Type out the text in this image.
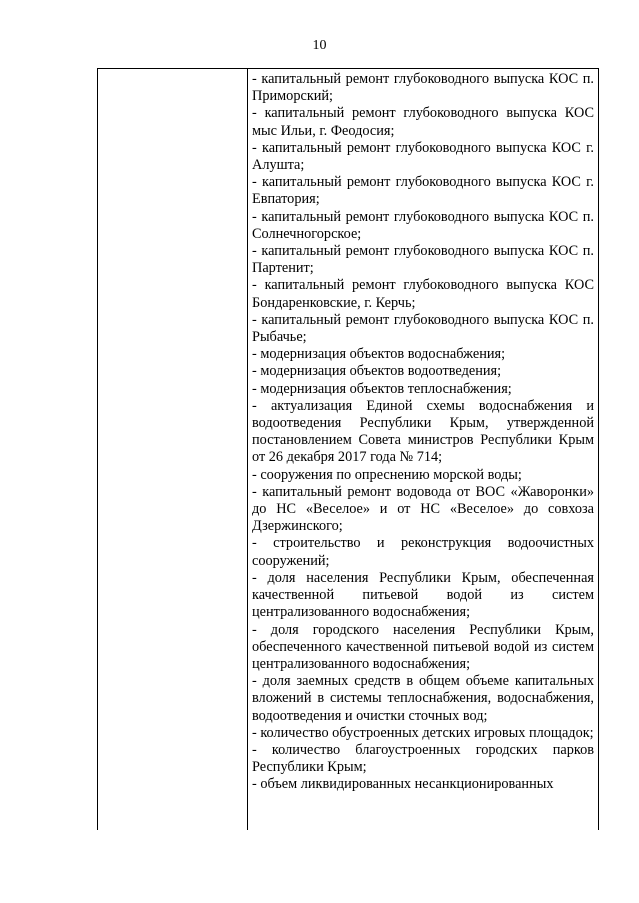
10

- капитальный ремонт глубоководного выпуска КОС п. Приморский;

- капитальный ремонт глубоководного выпуска КОС мыс Ильи, г. Феодосия;

- капитальный ремонт глубоководного выпуска КОС г. Алушта;

- капитальный ремонт глубоководного выпуска КОС г. Евпатория;

- капитальный ремонт глубоководного выпуска КОС п. Солнечногорское;

- капитальный ремонт глубоководного выпуска КОС п. Партенит;

- капитальный ремонт глубоководного выпуска КОС Бондаренковские, г. Керчь;

- капитальный ремонт глубоководного выпуска КОС п. Рыбачье;

- модернизация объектов водоснабжения;

- модернизация объектов водоотведения;

- модернизация объектов теплоснабжения;

- актуализация Единой схемы водоснабжения и водоотведения Республики Крым, утвержденной постановлением Совета министров Республики Крым от 26 декабря 2017 года № 714;

- сооружения по опреснению морской воды;

- капитальный ремонт водовода от ВОС «Жаворонки» до НС «Веселое» и от НС «Веселое» до совхоза Дзержинского;

- строительство и реконструкция водоочистных сооружений;

- доля населения Республики Крым, обеспеченная качественной питьевой водой из систем централизованного водоснабжения;

- доля городского населения Республики Крым, обеспеченного качественной питьевой водой из систем централизованного водоснабжения;

- доля заемных средств в общем объеме капитальных вложений в системы теплоснабжения, водоснабжения, водоотведения и очистки сточных вод;

- количество обустроенных детских игровых площадок;

- количество благоустроенных городских парков Республики Крым;

- объем ликвидированных несанкционированных
